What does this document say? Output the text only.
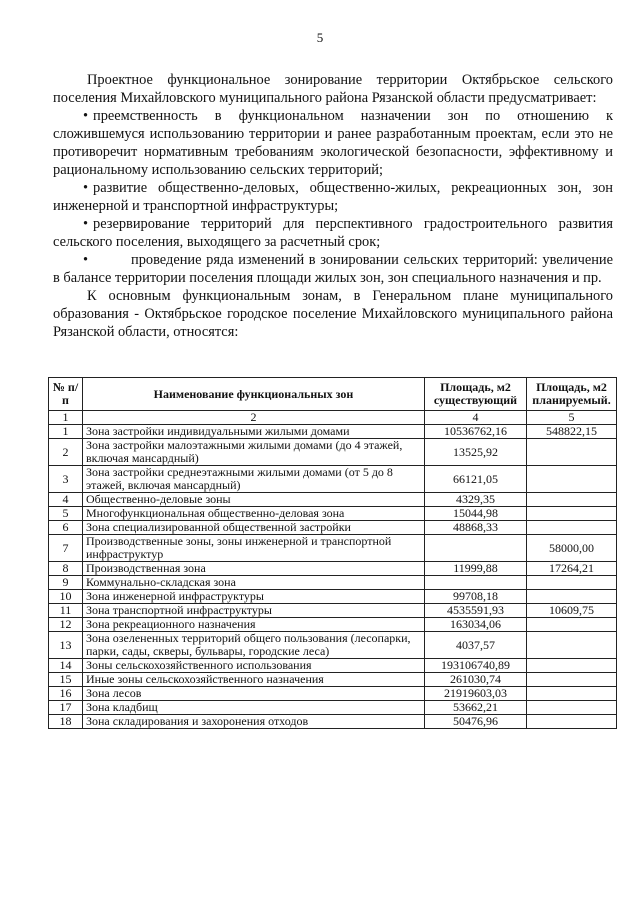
5

Проектное функциональное зонирование территории Октябрьское сельского поселения Михайловского муниципального района Рязанской области предусматривает:

• преемственность в функциональном назначении зон по отношению к сложившемуся использованию территории и ранее разработанным проектам, если это не противоречит нормативным требованиям экологической безопасности, эффективному и рациональному использованию сельских территорий;

• развитие общественно-деловых, общественно-жилых, рекреационных зон, зон инженерной и транспортной инфраструктуры;

• резервирование территорий для перспективного градостроительного развития сельского поселения, выходящего за расчетный срок;

•	проведение ряда изменений в зонировании сельских территорий: увеличение в балансе территории поселения площади жилых зон, зон специального назначения и пр.

К основным функциональным зонам, в Генеральном плане муниципального образования - Октябрьское городское поселение Михайловского муниципального района Рязанской области, относятся:

№ п/п	Наименование функциональных зон	Площадь, м2 существующий	Площадь, м2 планируемый.
1	2	4	5
1	Зона застройки индивидуальными жилыми домами	10536762,16	548822,15
2	Зона застройки малоэтажными жилыми домами (до 4 этажей, включая мансардный)	13525,92	
3	Зона застройки среднеэтажными жилыми домами (от 5 до 8 этажей, включая мансардный)	66121,05	
4	Общественно-деловые зоны	4329,35	
5	Многофункциональная общественно-деловая зона	15044,98	
6	Зона специализированной общественной застройки	48868,33	
7	Производственные зоны, зоны инженерной и транспортной инфраструктур		58000,00
8	Производственная зона	11999,88	17264,21
9	Коммунально-складская зона		
10	Зона инженерной инфраструктуры	99708,18	
11	Зона транспортной инфраструктуры	4535591,93	10609,75
12	Зона рекреационного назначения	163034,06	
13	Зона озелененных территорий общего пользования (лесопарки, парки, сады, скверы, бульвары, городские леса)	4037,57	
14	Зоны сельскохозяйственного использования	193106740,89	
15	Иные зоны сельскохозяйственного назначения	261030,74	
16	Зона лесов	21919603,03	
17	Зона кладбищ	53662,21	
18	Зона складирования и захоронения отходов	50476,96	
